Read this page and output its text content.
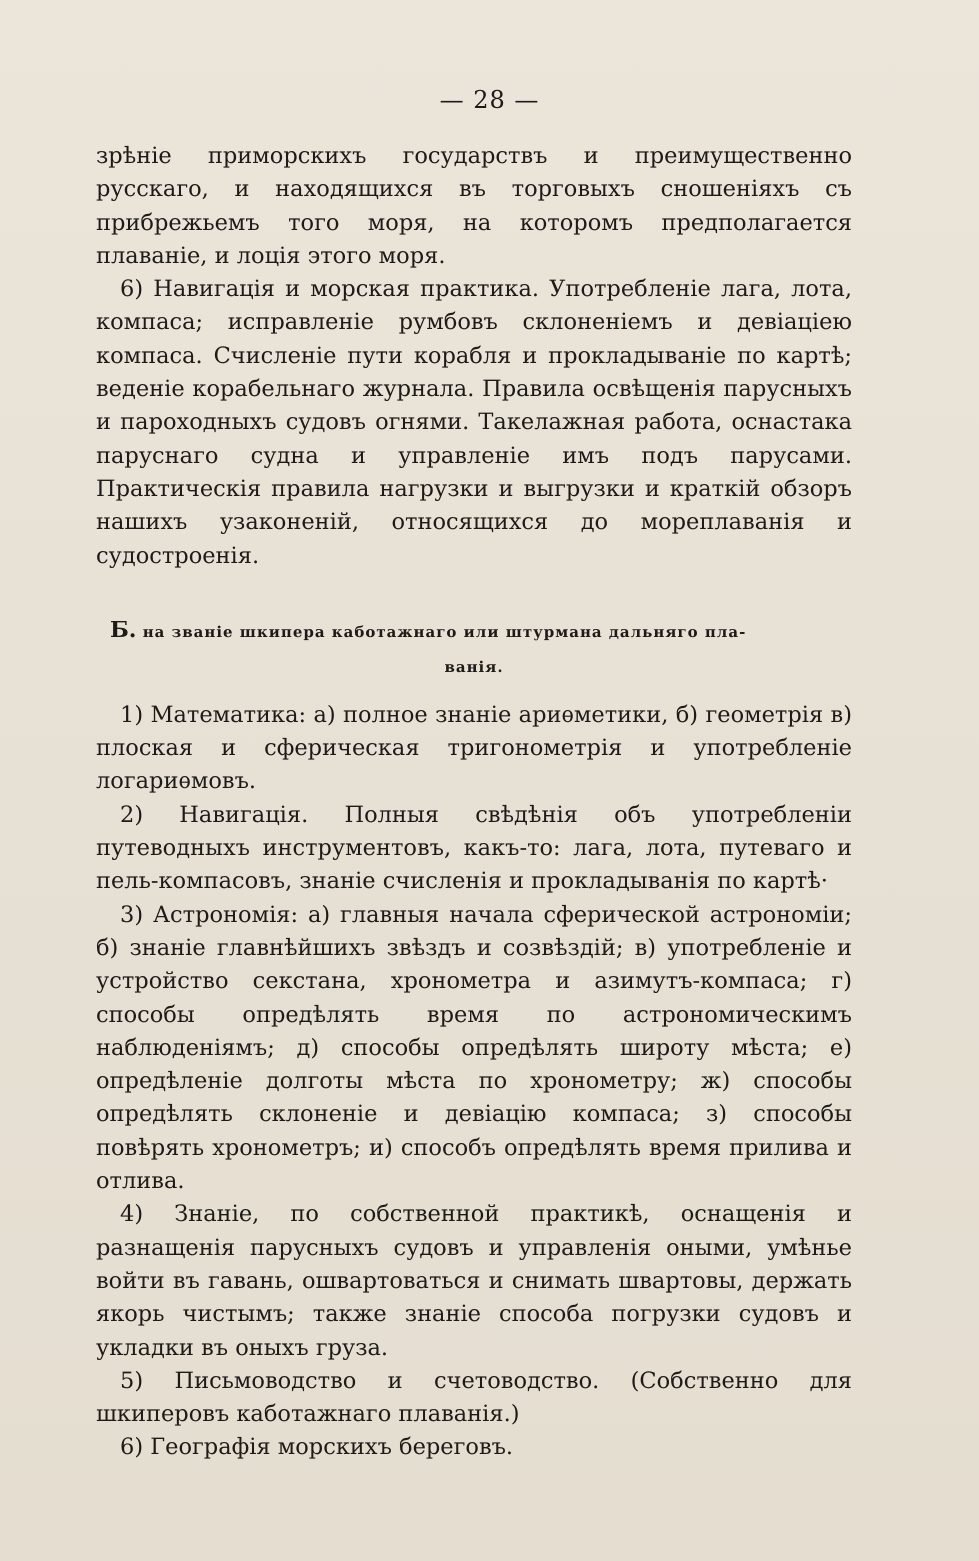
— 28 —

зрѣніе приморскихъ государствъ и преимущественно русскаго, и находящихся въ торговыхъ сношеніяхъ съ прибрежьемъ того моря, на которомъ предполагается плаваніе, и лоція этого моря.

6) Навигація и морская практика. Употребленіе лага, лота, компаса; исправленіе румбовъ склоненіемъ и девіаціею компаса. Счисленіе пути корабля и прокладываніе по картѣ; веденіе корабельнаго журнала. Правила освѣщенія парусныхъ и пароходныхъ судовъ огнями. Такелажная работа, оснастака паруснаго судна и управленіе имъ подъ парусами. Практическія правила нагрузки и выгрузки и краткій обзоръ нашихъ узаконеній, относящихся до мореплаванія и судостроенія.

Б. на званіе шкипера каботажнаго или штурмана дальняго пла-
ванія.

1) Математика: а) полное знаніе ариѳметики, б) геометрія в) плоская и сферическая тригонометрія и употребленіе логариѳмовъ.

2) Навигація. Полныя свѣдѣнія объ употребленіи путеводныхъ инструментовъ, какъ-то: лага, лота, путеваго и пель-компасовъ, знаніе счисленія и прокладыванія по картѣ·

3) Астрономія: а) главныя начала сферической астрономіи; б) знаніе главнѣйшихъ звѣздъ и созвѣздій; в) употребленіе и устройство секстана, хронометра и азимутъ-компаса; г) способы опредѣлять время по астрономическимъ наблюденіямъ; д) способы опредѣлять широту мѣста; е) опредѣленіе долготы мѣста по хронометру; ж) способы опредѣлять склоненіе и девіацію компаса; з) способы повѣрять хронометръ; и) способъ опредѣлять время прилива и отлива.

4) Знаніе, по собственной практикѣ, оснащенія и разнащенія парусныхъ судовъ и управленія оными, умѣнье войти въ гавань, ошвартоваться и снимать швартовы, держать якорь чистымъ; также знаніе способа погрузки судовъ и укладки въ оныхъ груза.

5) Письмоводство и счетоводство. (Собственно для шкиперовъ каботажнаго плаванія.)

6) Географія морскихъ береговъ.
